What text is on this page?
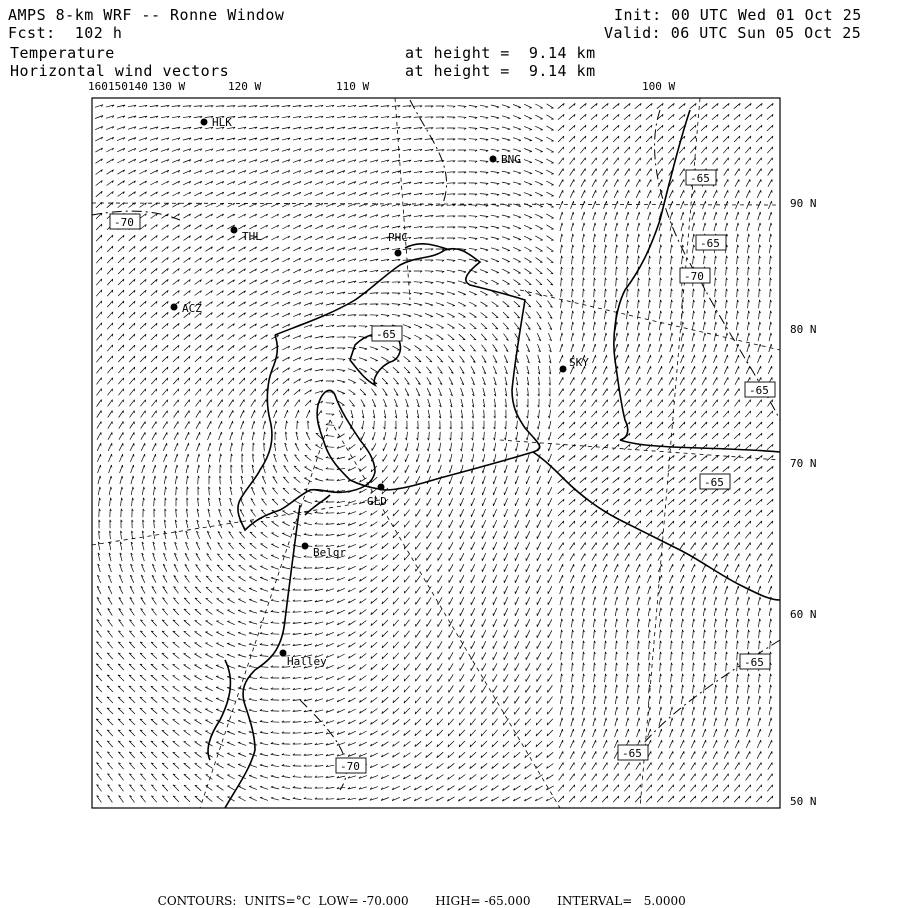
AMPS 8-km WRF -- Ronne Window
Fcst:  102 h
Temperature
Horizontal wind vectors
at height =  9.14 km
at height =  9.14 km
Init: 00 UTC Wed 01 Oct 25
Valid: 06 UTC Sun 05 Oct 25
HLK
BNG
THL	PHC
ACZ
SKY
GLD
Belgr
Halley
-70
-65
-65
-65
-70
-65
-65
-65
-65
-70
160 150 140 130 W	120 W	110 W	100 W
90 N
80 N
70 N
60 N
50 N

CONTOURS: UNITS=°C LOW= -70.000 HIGH= -65.000 INTERVAL=   5.0000
